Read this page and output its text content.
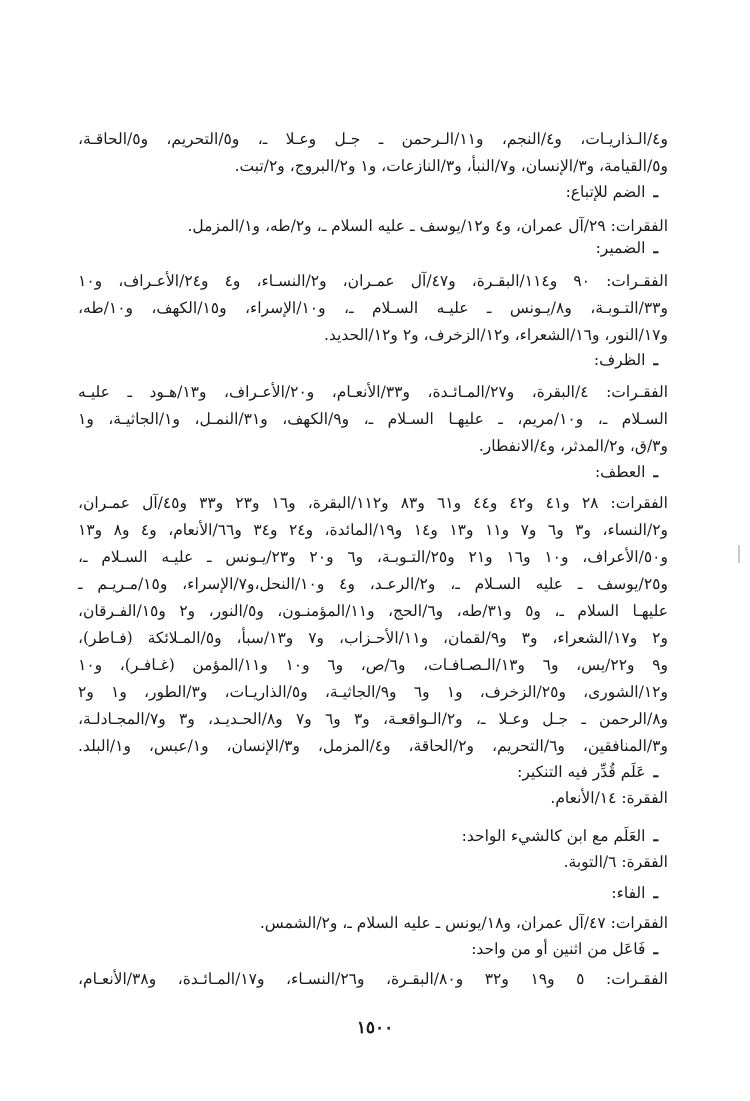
و٤/الـذاريـات، و٤/النجم، و١١/الـرحمن ـ جـل وعـلا ـ، و٥/التحريم، و٥/الحاقـة،
و٥/القيامة، و٣/الإنسان، و٧/النبأ، و٣/النازعات، و١ و٢/البروج، و٢/تبت.
ـالضم للإتباع:
الفقرات: ٢٩/آل عمران، و٤ و١٢/يوسف ـ عليه السلام ـ، و٢/طه، و١/المزمل.
ـالضمير:
الفقـرات: ٩٠ و١١٤/البقـرة، و٤٧/آل عمـران، و٢/النسـاء، و٤ و٢٤/الأعـراف، و١٠
و٣٣/التـوبـة، و٨/يـونس ـ عليـه السـلام ـ، و١٠/الإسراء، و١٥/الكهف، و١٠/طه،
و١٧/النور، و١٦/الشعراء، و١٢/الزخرف، و٢ و١٢/الحديد.
ـالظرف:
الفقـرات: ٤/البقرة، و٢٧/المـائـدة، و٣٣/الأنعـام، و٢٠/الأعـراف، و١٣/هـود ـ عليـه
السـلام ـ، و١٠/مريم، ـ عليهـا السـلام ـ، و٩/الكهف، و٣١/النمـل، و١/الجاثيـة، و١
و٣/ق، و٢/المدثر، و٤/الانفطار.
ـالعطف:
الفقرات: ٢٨ و٤١ و٤٢ و٤٤ و٦١ و٨٣ و١١٢/البقرة، و١٦ و٢٣ و٣٣ و٤٥/آل عمـران،
و٢/النساء، و٣ و٦ و٧ و١١ و١٣ و١٤ و١٩/المائدة، و٢٤ و٣٤ و٦٦/الأنعام، و٤ و٨ و١٣
و٥٠/الأعراف، و١٠ و١٦ و٢١ و٢٥/التـوبـة، و٦ و٢٠ و٢٣/يـونس ـ عليـه السـلام ـ،
و٢٥/يوسف ـ عليه السـلام ـ، و٢/الرعـد، و٤ و١٠/النحل،و٧/الإسراء، و١٥/مـريـم ـ
عليهـا السلام ـ، و٥ و٣١/طه، و٦/الحج، و١١/المؤمنـون، و٥/النور، و٢ و١٥/الفـرقان،
و٢ و١٧/الشعراء، و٣ و٩/لقمان، و١١/الأحـزاب، و٧ و١٣/سبأ، و٥/المـلائكة (فـاطر)،
و٩ و٢٢/يس، و٦ و١٣/الـصـافـات، و٦/ص، و٦ و١٠ و١١/المؤمن (غـافـر)، و١٠
و١٢/الشورى، و٢٥/الزخرف، و١ و٦ و٩/الجاثيـة، و٥/الذاريـات، و٣/الطور، و١ و٢
و٨/الرحمن ـ جـل وعـلا ـ، و٢/الـواقعـة، و٣ و٦ و٧ و٨/الحـديـد، و٣ و٧/المجـادلـة،
و٣/المنافقين، و٦/التحريم، و٢/الحاقة، و٤/المزمل، و٣/الإنسان، و١/عبس، و١/البلد.
ـعَلَم قُدِّر فيه التنكير:
الفقرة: ١٤/الأنعام.
ـالعَلَم مع ابن كالشيء الواحد:
الفقرة: ٦/التوبة.
ـالفاء:
الفقرات: ٤٧/آل عمران، و١٨/يونس ـ عليه السلام ـ، و٢/الشمس.
ـفَاعَل من اثنين أو من واحد:
الفقـرات: ٥ و١٩ و٣٢ و٨٠/البقـرة، و٢٦/النسـاء، و١٧/المـائـدة، و٣٨/الأنعـام،
١٥٠٠
